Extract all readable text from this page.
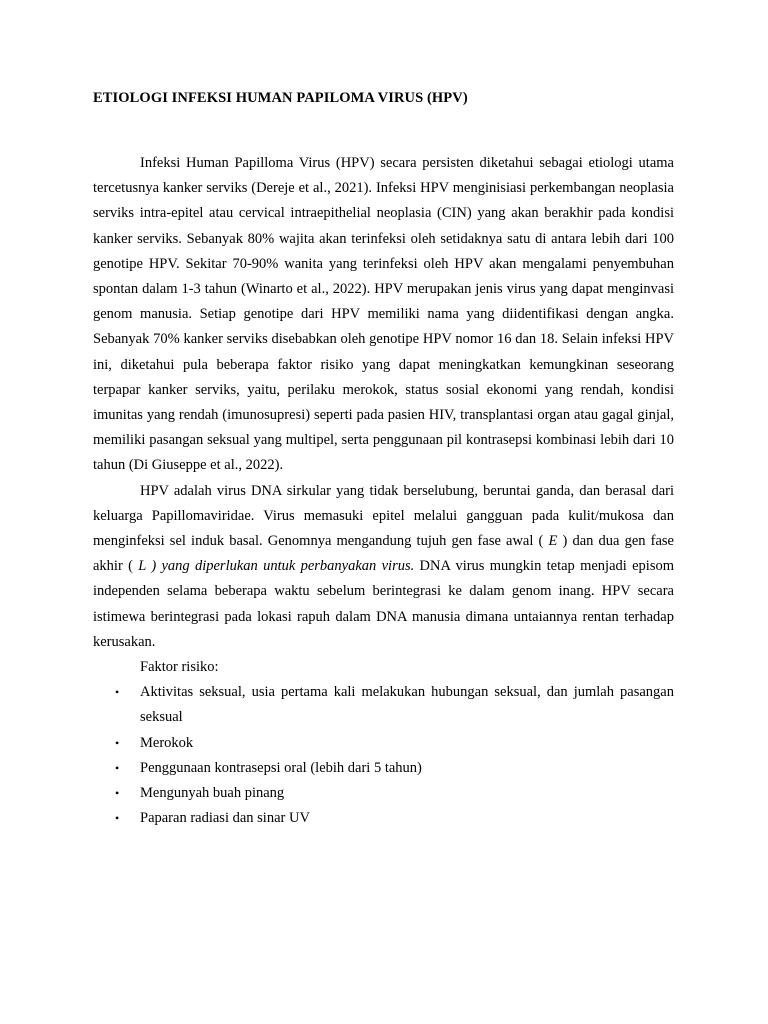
ETIOLOGI INFEKSI HUMAN PAPILOMA VIRUS (HPV)

Infeksi Human Papilloma Virus (HPV) secara persisten diketahui sebagai etiologi utama tercetusnya kanker serviks (Dereje et al., 2021). Infeksi HPV menginisiasi perkembangan neoplasia serviks intra-epitel atau cervical intraepithelial neoplasia (CIN) yang akan berakhir pada kondisi kanker serviks. Sebanyak 80% wajita akan terinfeksi oleh setidaknya satu di antara lebih dari 100 genotipe HPV. Sekitar 70-90% wanita yang terinfeksi oleh HPV akan mengalami penyembuhan spontan dalam 1-3 tahun (Winarto et al., 2022). HPV merupakan jenis virus yang dapat menginvasi genom manusia. Setiap genotipe dari HPV memiliki nama yang diidentifikasi dengan angka. Sebanyak 70% kanker serviks disebabkan oleh genotipe HPV nomor 16 dan 18. Selain infeksi HPV ini, diketahui pula beberapa faktor risiko yang dapat meningkatkan kemungkinan seseorang terpapar kanker serviks, yaitu, perilaku merokok, status sosial ekonomi yang rendah, kondisi imunitas yang rendah (imunosupresi) seperti pada pasien HIV, transplantasi organ atau gagal ginjal, memiliki pasangan seksual yang multipel, serta penggunaan pil kontrasepsi kombinasi lebih dari 10 tahun (Di Giuseppe et al., 2022).

HPV adalah virus DNA sirkular yang tidak berselubung, beruntai ganda, dan berasal dari keluarga Papillomaviridae. Virus memasuki epitel melalui gangguan pada kulit/mukosa dan menginfeksi sel induk basal. Genomnya mengandung tujuh gen fase awal ( E ) dan dua gen fase akhir ( L ) yang diperlukan untuk perbanyakan virus. DNA virus mungkin tetap menjadi episom independen selama beberapa waktu sebelum berintegrasi ke dalam genom inang. HPV secara istimewa berintegrasi pada lokasi rapuh dalam DNA manusia dimana untaiannya rentan terhadap kerusakan.

Faktor risiko:

• Aktivitas seksual, usia pertama kali melakukan hubungan seksual, dan jumlah pasangan seksual
• Merokok
• Penggunaan kontrasepsi oral (lebih dari 5 tahun)
• Mengunyah buah pinang
• Paparan radiasi dan sinar UV
